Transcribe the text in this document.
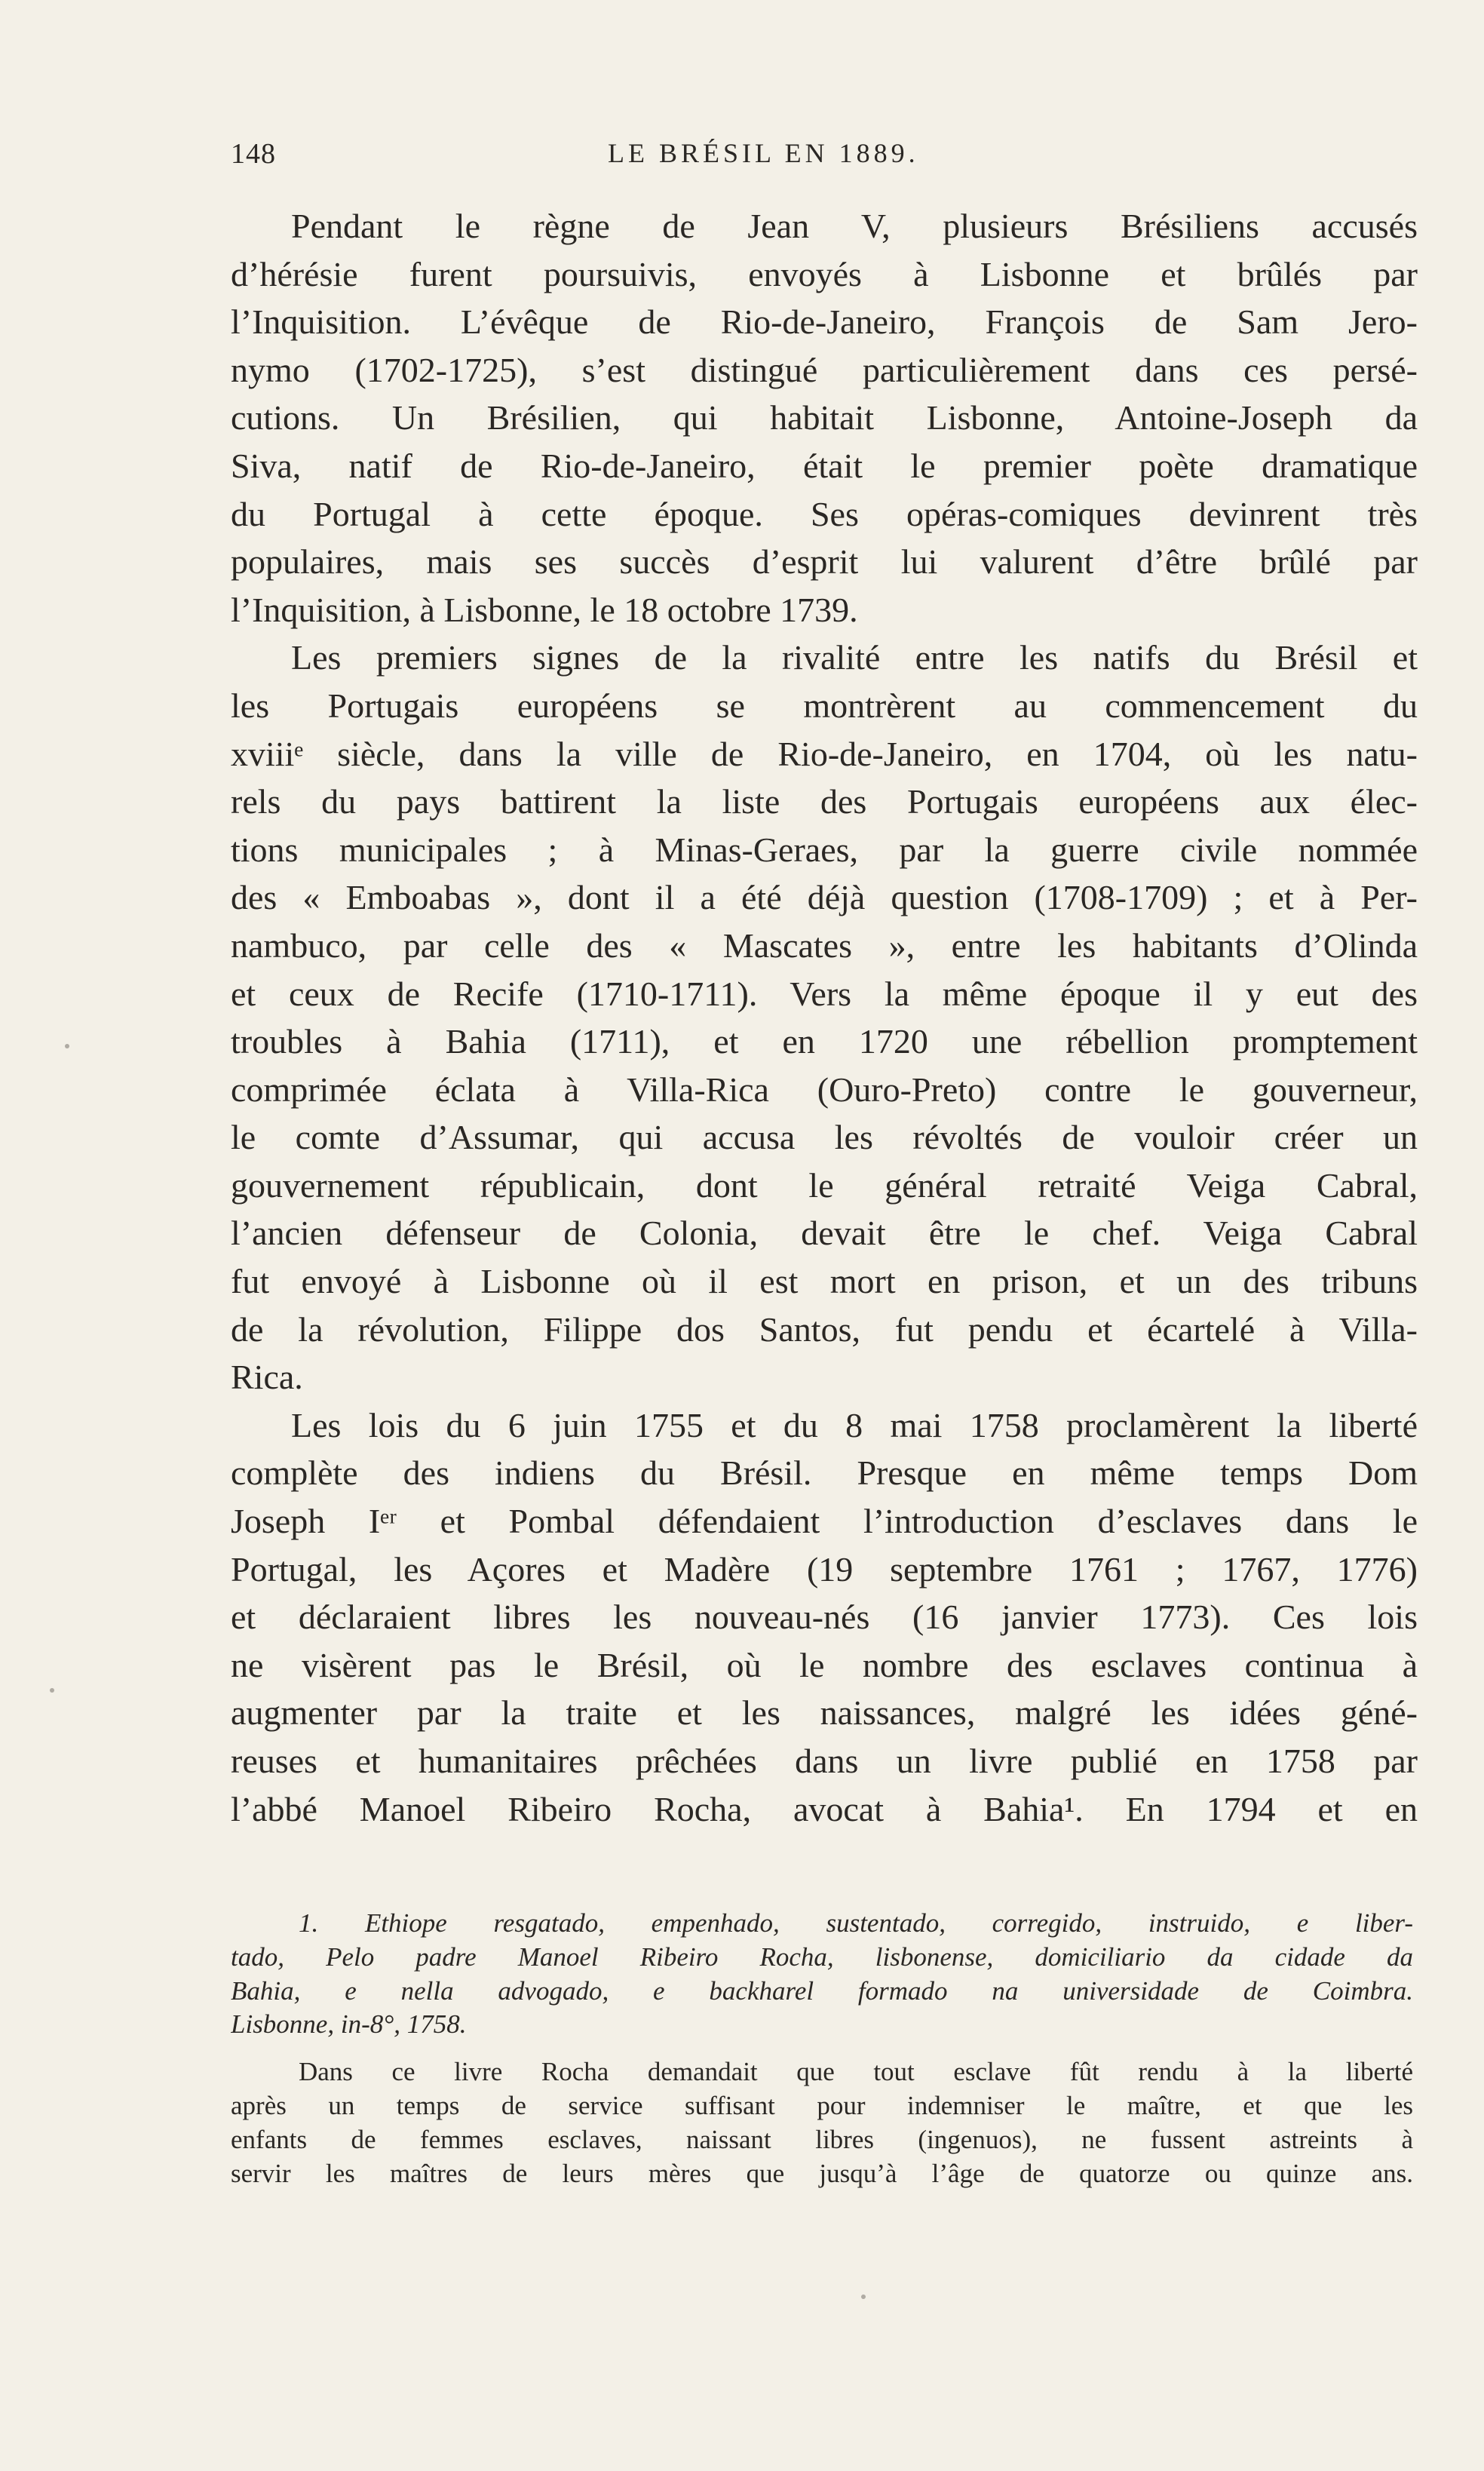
148	LE BRÉSIL EN 1889.
Pendant le règne de Jean V, plusieurs Brésiliens accusés
d’hérésie furent poursuivis, envoyés à Lisbonne et brûlés par
l’Inquisition. L’évêque de Rio-de-Janeiro, François de Sam Jero-
nymo (1702-1725), s’est distingué particulièrement dans ces persé-
cutions. Un Brésilien, qui habitait Lisbonne, Antoine-Joseph da
Siva, natif de Rio-de-Janeiro, était le premier poète dramatique
du Portugal à cette époque. Ses opéras-comiques devinrent très
populaires, mais ses succès d’esprit lui valurent d’être brûlé par
l’Inquisition, à Lisbonne, le 18 octobre 1739.
Les premiers signes de la rivalité entre les natifs du Brésil et
les Portugais européens se montrèrent au commencement du
xviiiᵉ siècle, dans la ville de Rio-de-Janeiro, en 1704, où les natu-
rels du pays battirent la liste des Portugais européens aux élec-
tions municipales ; à Minas-Geraes, par la guerre civile nommée
des « Emboabas », dont il a été déjà question (1708-1709) ; et à Per-
nambuco, par celle des « Mascates », entre les habitants d’Olinda
et ceux de Recife (1710-1711). Vers la même époque il y eut des
troubles à Bahia (1711), et en 1720 une rébellion promptement
comprimée éclata à Villa-Rica (Ouro-Preto) contre le gouverneur,
le comte d’Assumar, qui accusa les révoltés de vouloir créer un
gouvernement républicain, dont le général retraité Veiga Cabral,
l’ancien défenseur de Colonia, devait être le chef. Veiga Cabral
fut envoyé à Lisbonne où il est mort en prison, et un des tribuns
de la révolution, Filippe dos Santos, fut pendu et écartelé à Villa-
Rica.
Les lois du 6 juin 1755 et du 8 mai 1758 proclamèrent la liberté
complète des indiens du Brésil. Presque en même temps Dom
Joseph Iᵉʳ et Pombal défendaient l’introduction d’esclaves dans le
Portugal, les Açores et Madère (19 septembre 1761 ; 1767, 1776)
et déclaraient libres les nouveau-nés (16 janvier 1773). Ces lois
ne visèrent pas le Brésil, où le nombre des esclaves continua à
augmenter par la traite et les naissances, malgré les idées géné-
reuses et humanitaires prêchées dans un livre publié en 1758 par
l’abbé Manoel Ribeiro Rocha, avocat à Bahia¹. En 1794 et en
1. Ethiope resgatado, empenhado, sustentado, corregido, instruido, e liber-
tado, Pelo padre Manoel Ribeiro Rocha, lisbonense, domiciliario da cidade da
Bahia, e nella advogado, e backharel formado na universidade de Coimbra.
Lisbonne, in-8°, 1758.
Dans ce livre Rocha demandait que tout esclave fût rendu à la liberté
après un temps de service suffisant pour indemniser le maître, et que les
enfants de femmes esclaves, naissant libres (ingenuos), ne fussent astreints à
servir les maîtres de leurs mères que jusqu’à l’âge de quatorze ou quinze ans.
